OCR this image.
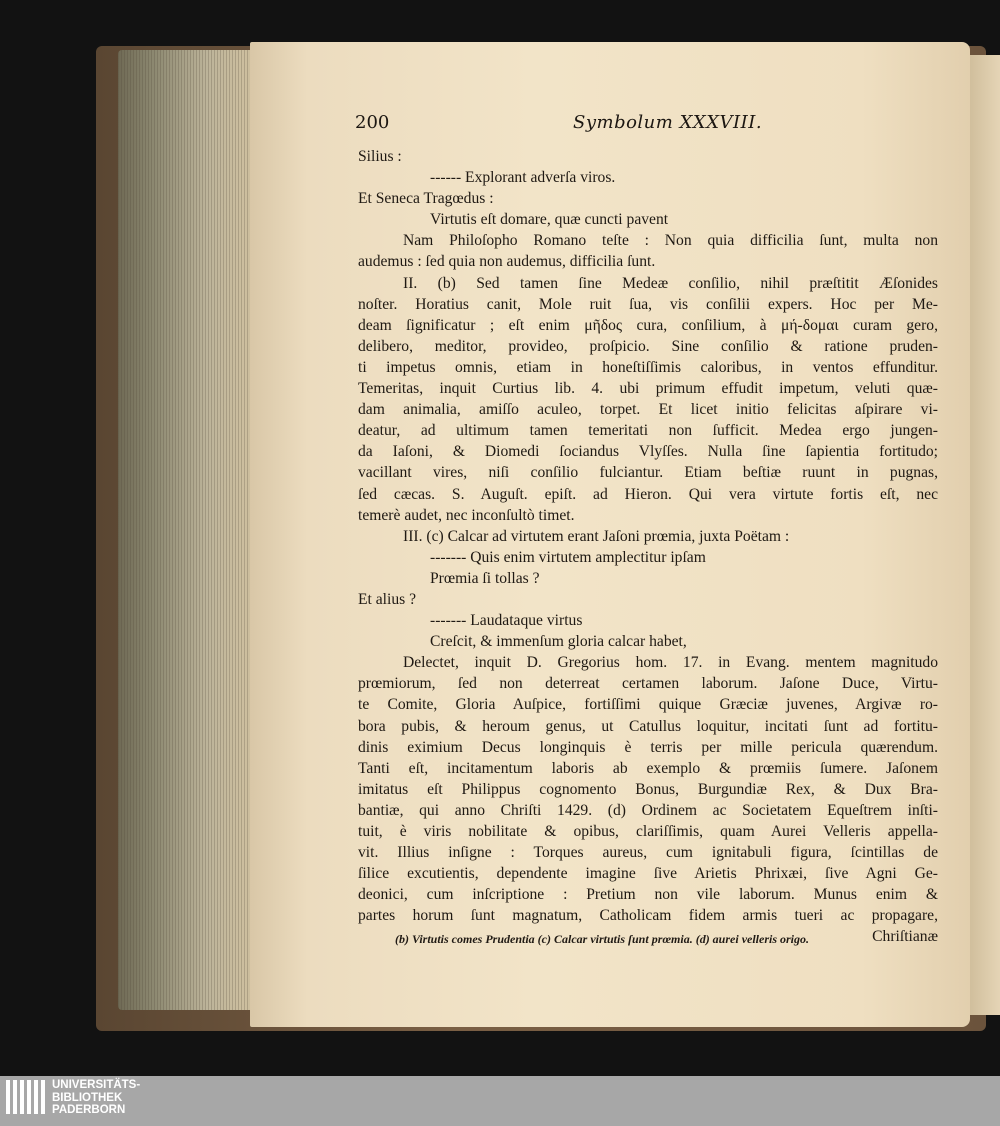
200	Symbolum XXXVIII.
Silius :
------ Explorant adverſa viros.
Et Seneca Tragœdus :
Virtutis eſt domare, quæ cuncti pavent
Nam Philoſopho Romano teſte : Non quia difficilia ſunt, multa non
audemus : ſed quia non audemus, difficilia ſunt.
II. (b) Sed tamen ſine Medeæ conſilio, nihil præſtitit Æſonides
noſter. Horatius canit, Mole ruit ſua, vis conſilii expers. Hoc per Me-
deam ſignificatur ; eſt enim μῆδος cura, conſilium, à μή-δομαι curam gero,
delibero, meditor, provideo, proſpicio. Sine conſilio & ratione pruden-
ti impetus omnis, etiam in honeſtiſſimis caloribus, in ventos effunditur.
Temeritas, inquit Curtius lib. 4. ubi primum effudit impetum, veluti quæ-
dam animalia, amiſſo aculeo, torpet. Et licet initio felicitas aſpirare vi-
deatur, ad ultimum tamen temeritati non ſufficit. Medea ergo jungen-
da Iaſoni, & Diomedi ſociandus Vlyſſes. Nulla ſine ſapientia fortitudo;
vacillant vires, niſi conſilio fulciantur. Etiam beſtiæ ruunt in pugnas,
ſed cæcas. S. Auguſt. epiſt. ad Hieron. Qui vera virtute fortis eſt, nec
temerè audet, nec inconſultò timet.
III. (c) Calcar ad virtutem erant Jaſoni prœmia, juxta Poëtam :
------- Quis enim virtutem amplectitur ipſam
Prœmia ſi tollas ?
Et alius ?
------- Laudataque virtus
Creſcit, & immenſum gloria calcar habet,
Delectet, inquit D. Gregorius hom. 17. in Evang. mentem magnitudo
prœmiorum, ſed non deterreat certamen laborum. Jaſone Duce, Virtu-
te Comite, Gloria Auſpice, fortiſſimi quique Græciæ juvenes, Argivæ ro-
bora pubis, & heroum genus, ut Catullus loquitur, incitati ſunt ad fortitu-
dinis eximium Decus longinquis è terris per mille pericula quærendum.
Tanti eſt, incitamentum laboris ab exemplo & prœmiis ſumere. Jaſonem
imitatus eſt Philippus cognomento Bonus, Burgundiæ Rex, & Dux Bra-
bantiæ, qui anno Chriſti 1429. (d) Ordinem ac Societatem Equeſtrem inſti-
tuit, è viris nobilitate & opibus, clariſſimis, quam Aurei Velleris appella-
vit. Illius inſigne : Torques aureus, cum ignitabuli figura, ſcintillas de
ſilice excutientis, dependente imagine ſive Arietis Phrixæi, ſive Agni Ge-
deonici, cum inſcriptione : Pretium non vile laborum. Munus enim &
partes horum ſunt magnatum, Catholicam fidem armis tueri ac propagare,
Chriſtianæ
(b) Virtutis comes Prudentia (c) Calcar virtutis ſunt prœmia. (d) aurei velleris origo.
UNIVERSITÄTS-
BIBLIOTHEK
PADERBORN
